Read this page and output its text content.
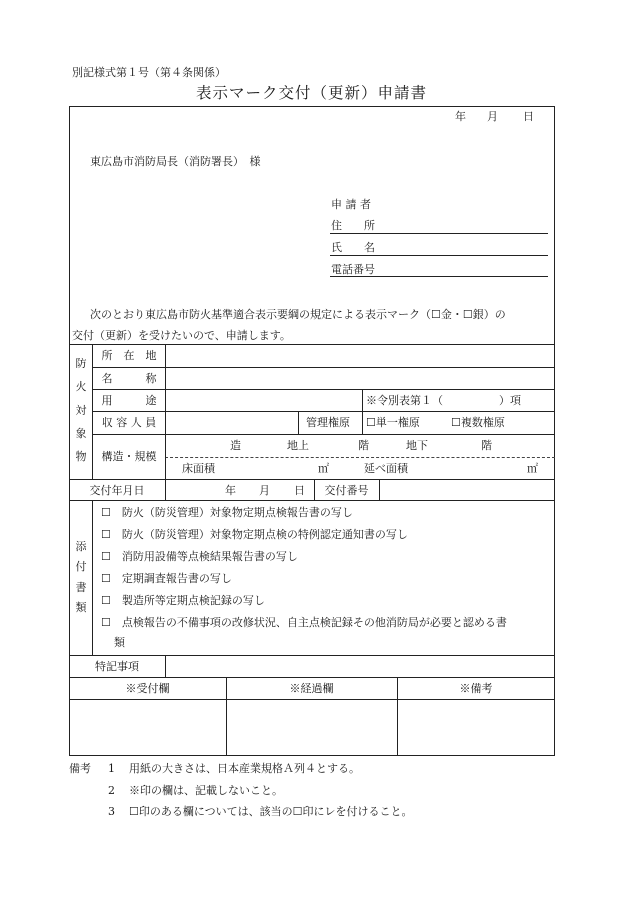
別記様式第１号（第４条関係）
表示マーク交付（更新）申請書
年 月 日
東広島市消防局長（消防署長）　様
申 請 者
住　　所
氏　　名
電話番号
次のとおり東広島市防火基準適合表示要綱の規定による表示マーク（☐金・☐銀）の
交付（更新）を受けたいので、申請します。
防
火
対
象
物
所　在　地
名　　　称
用　　　途	※令別表第１（	）項
収 容 人 員	管理権原 ☐単一権原	☐複数権原
構造・規模
造	地上	階	地下	階
床面積	㎡	延べ面積	㎡
交付年月日	年 月 日	交付番号
添
付
書
類
☐　防火（防災管理）対象物定期点検報告書の写し
☐　防火（防災管理）対象物定期点検の特例認定通知書の写し
☐　消防用設備等点検結果報告書の写し
☐　定期調査報告書の写し
☐　製造所等定期点検記録の写し
☐　点検報告の不備事項の改修状況、自主点検記録その他消防局が必要と認める書
類
特記事項
※受付欄	※経過欄	※備考
備考 1 用紙の大きさは、日本産業規格Ａ列４とする。
2 ※印の欄は、記載しないこと。
3 ☐印のある欄については、該当の☐印にレを付けること。
